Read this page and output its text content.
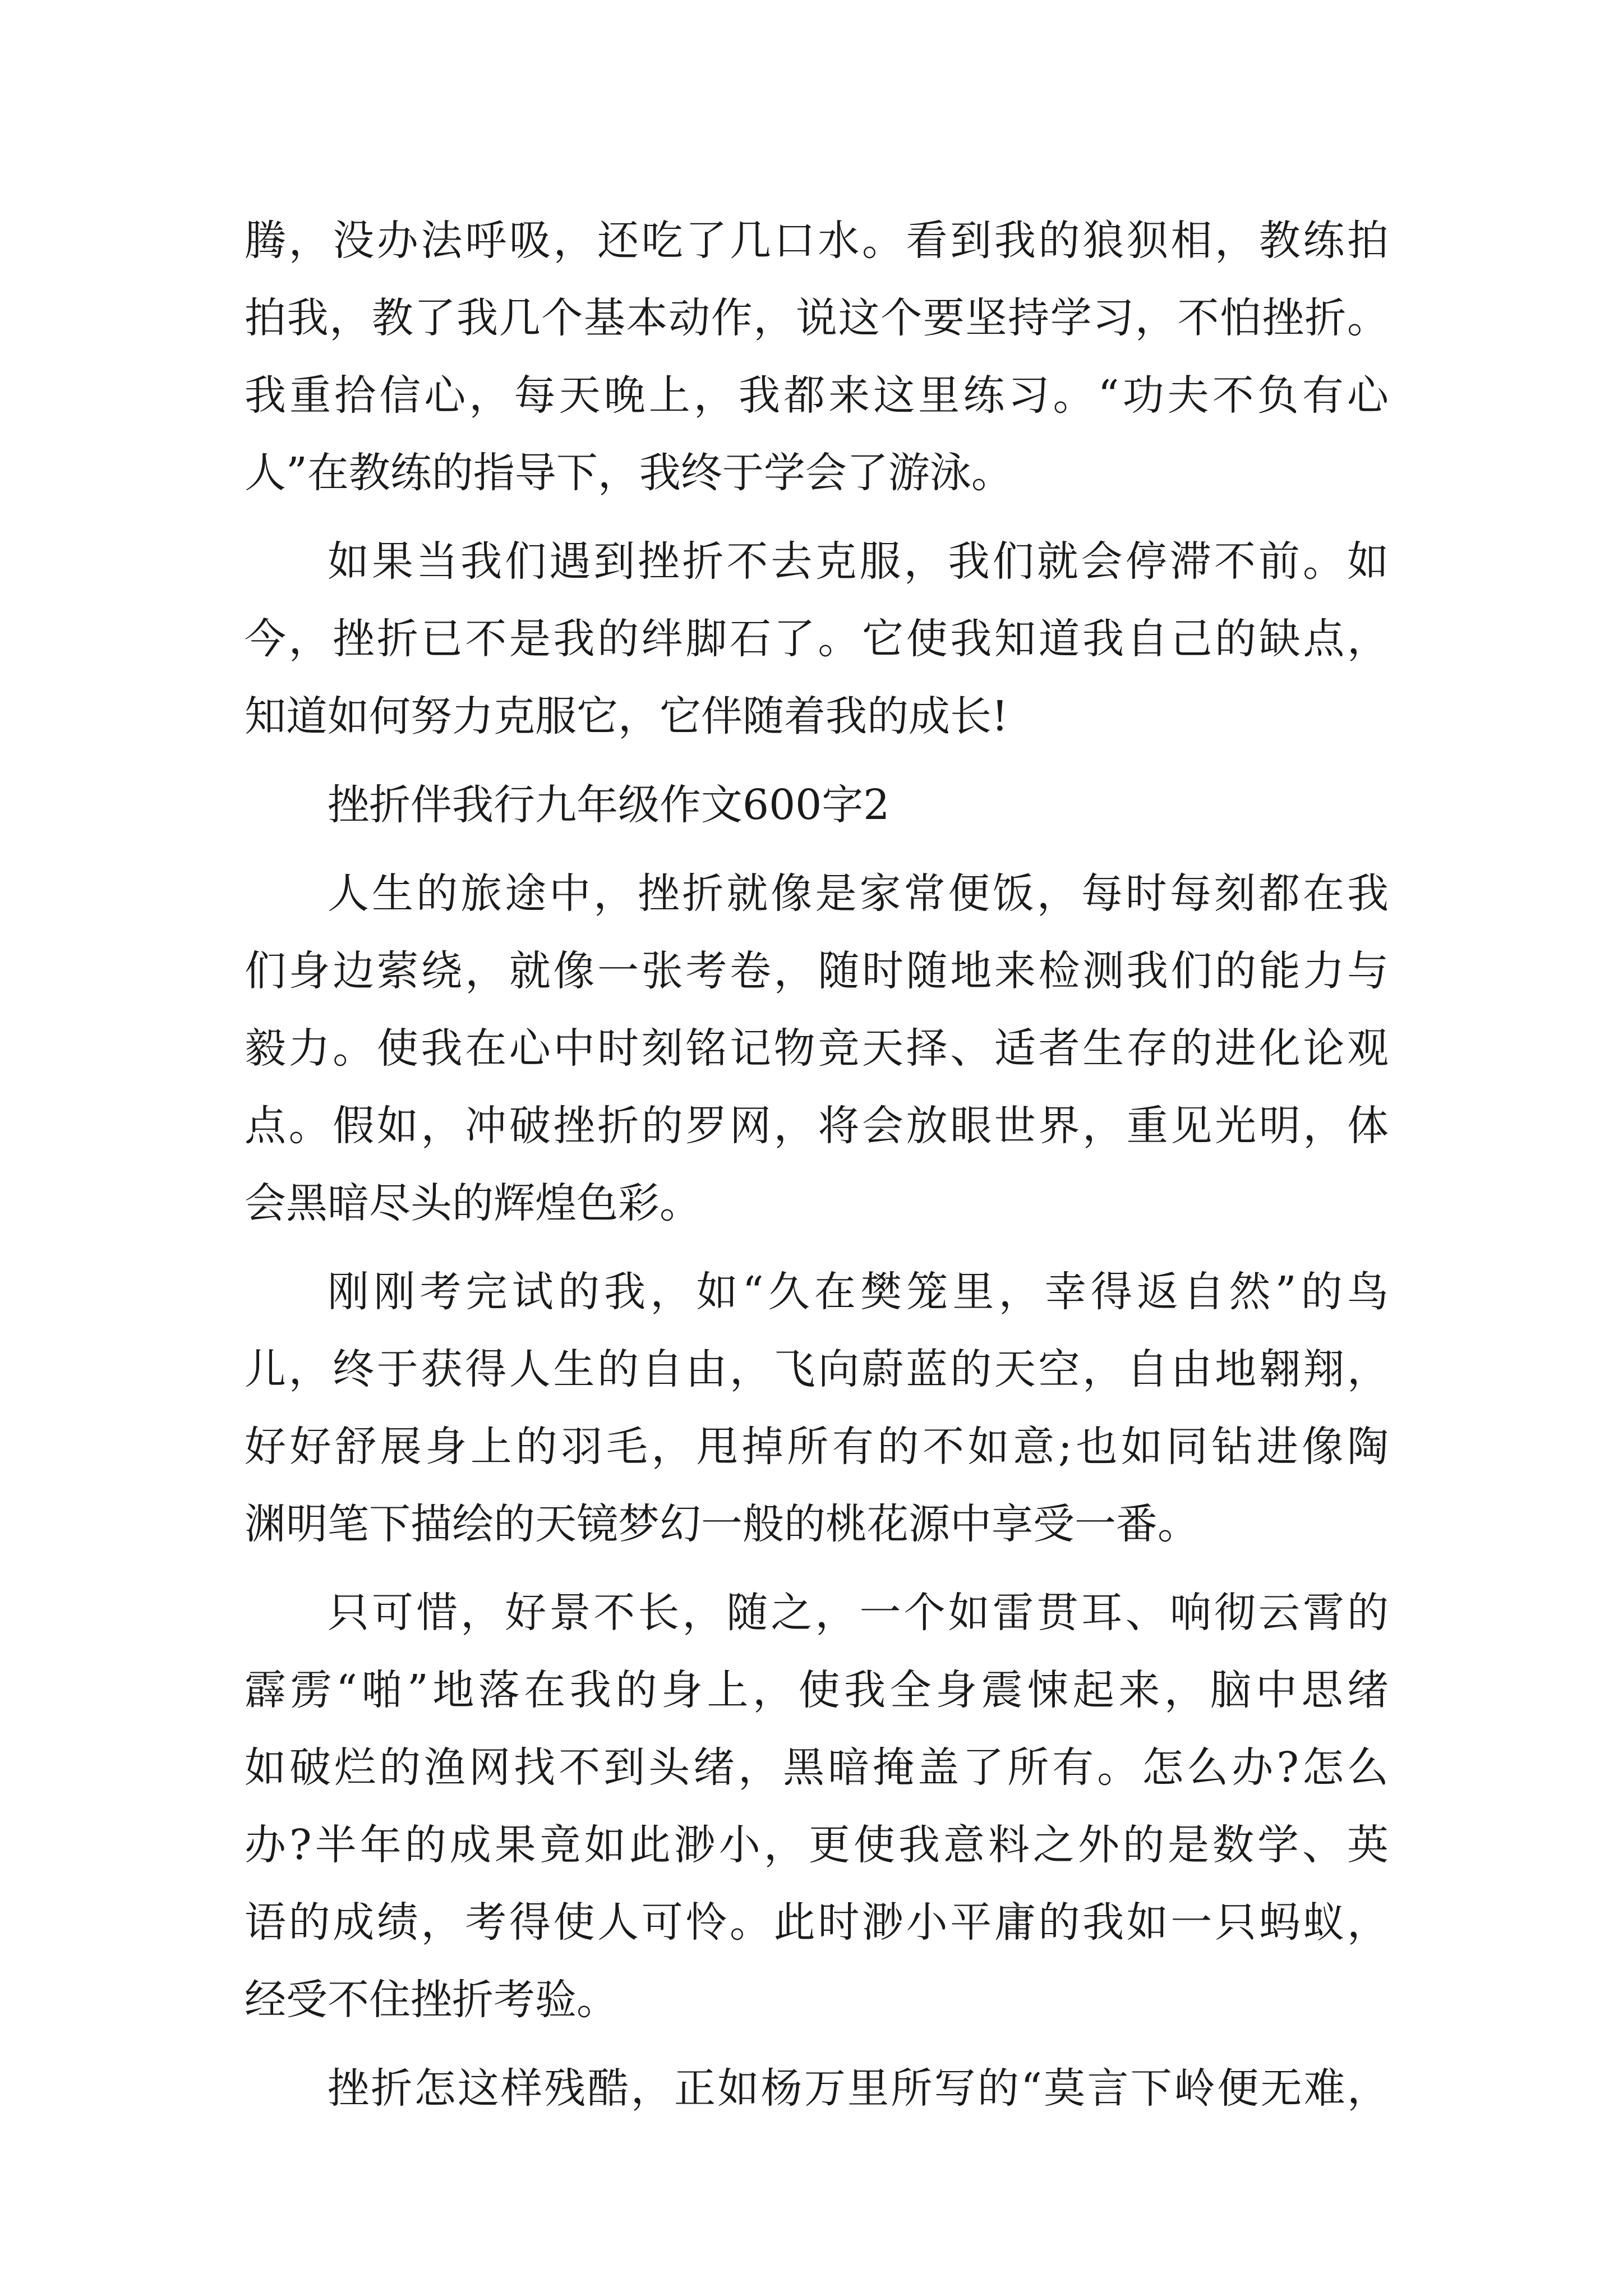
腾，没办法呼吸，还吃了几口水。看到我的狼狈相，教练拍
拍我，教了我几个基本动作，说这个要坚持学习，不怕挫折。
我重拾信心，每天晚上，我都来这里练习。“功夫不负有心
人”在教练的指导下，我终于学会了游泳。
如果当我们遇到挫折不去克服，我们就会停滞不前。如
今，挫折已不是我的绊脚石了。它使我知道我自己的缺点，
知道如何努力克服它，它伴随着我的成长!
挫折伴我行九年级作文600字2
人生的旅途中，挫折就像是家常便饭，每时每刻都在我
们身边萦绕，就像一张考卷，随时随地来检测我们的能力与
毅力。使我在心中时刻铭记物竞天择、适者生存的进化论观
点。假如，冲破挫折的罗网，将会放眼世界，重见光明，体
会黑暗尽头的辉煌色彩。
刚刚考完试的我，如“久在樊笼里，幸得返自然”的鸟
儿，终于获得人生的自由，飞向蔚蓝的天空，自由地翱翔，
好好舒展身上的羽毛，甩掉所有的不如意;也如同钻进像陶
渊明笔下描绘的天镜梦幻一般的桃花源中享受一番。
只可惜，好景不长，随之，一个如雷贯耳、响彻云霄的
霹雳“啪”地落在我的身上，使我全身震悚起来，脑中思绪
如破烂的渔网找不到头绪，黑暗掩盖了所有。怎么办?怎么
办?半年的成果竟如此渺小，更使我意料之外的是数学、英
语的成绩，考得使人可怜。此时渺小平庸的我如一只蚂蚁，
经受不住挫折考验。
挫折怎这样残酷，正如杨万里所写的“莫言下岭便无难，
